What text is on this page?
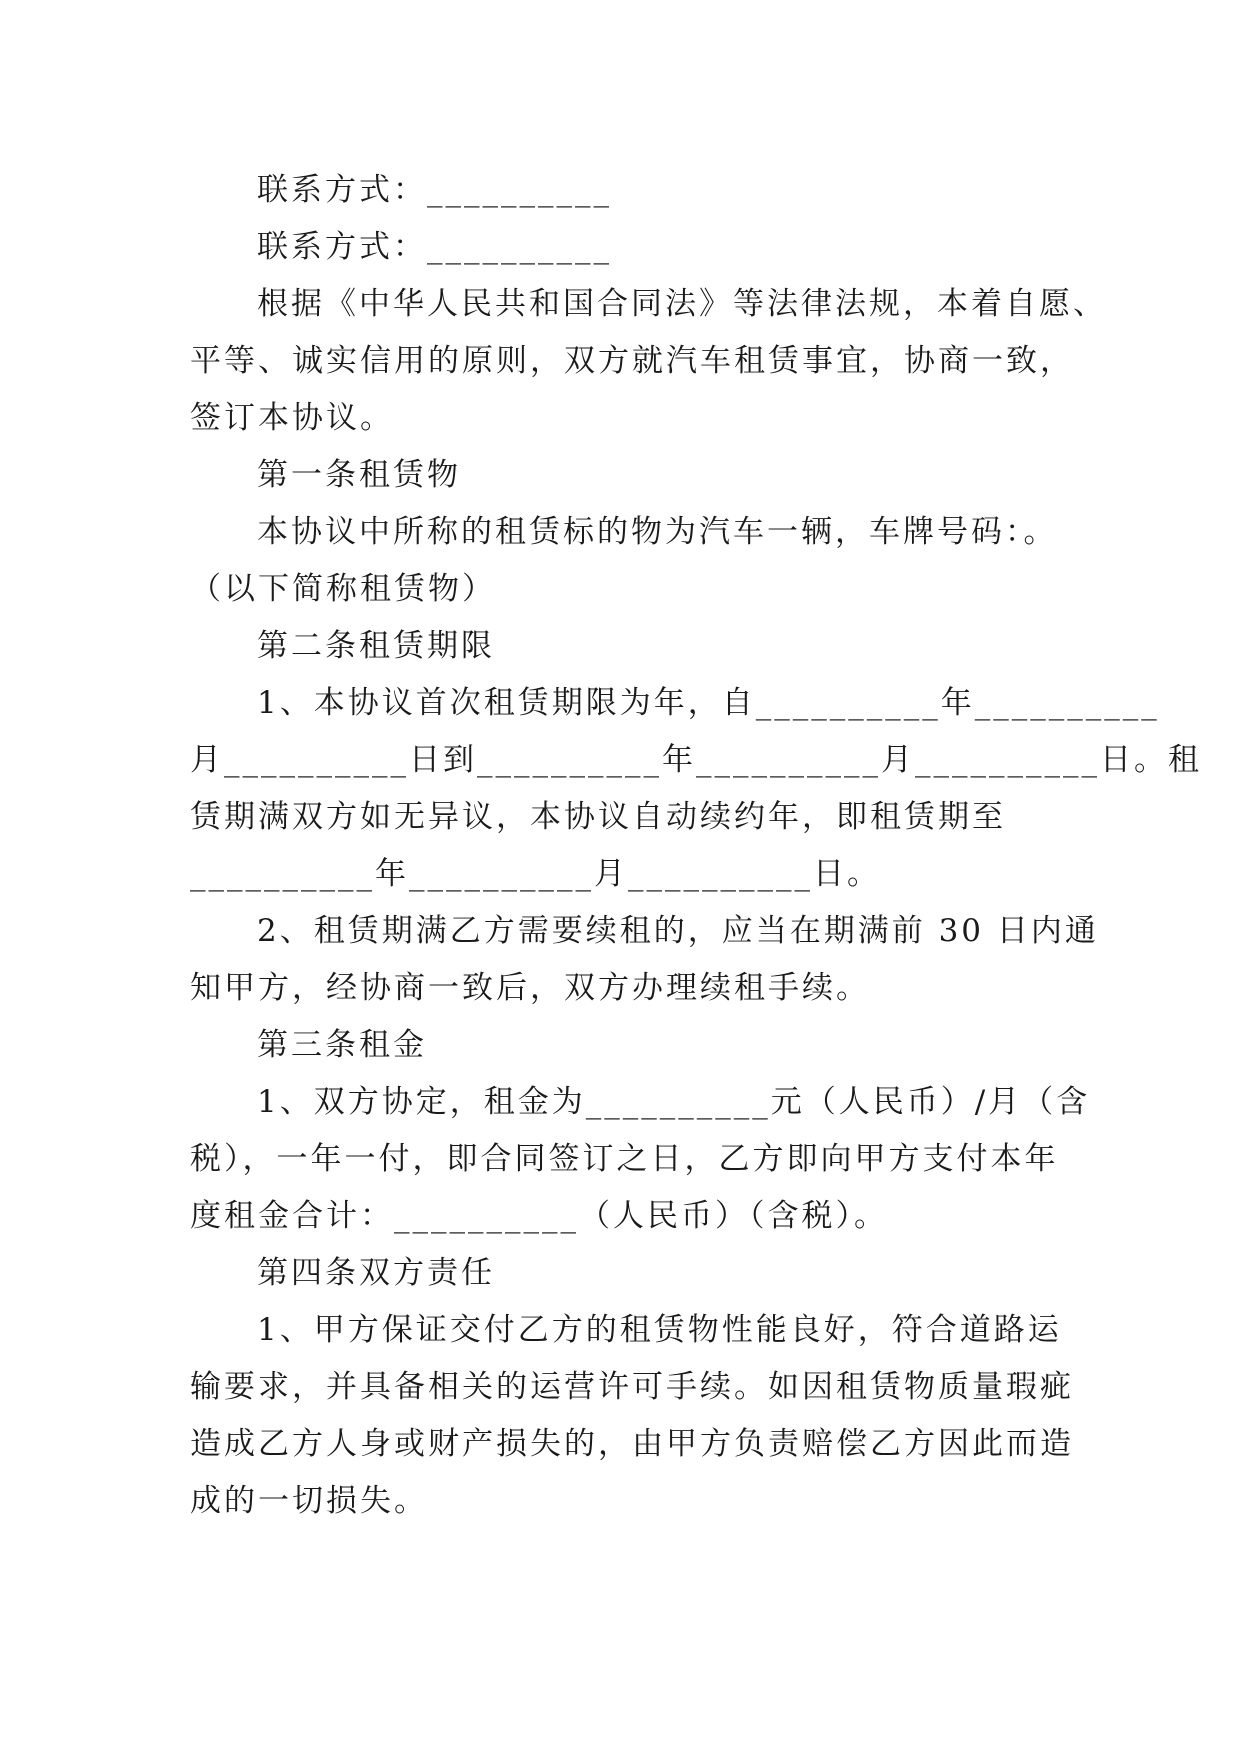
联系方式：__________
联系方式：__________
根据《中华人民共和国合同法》等法律法规，本着自愿、
平等、诚实信用的原则，双方就汽车租赁事宜，协商一致，
签订本协议。
第一条租赁物
本协议中所称的租赁标的物为汽车一辆，车牌号码：。
（以下简称租赁物）
第二条租赁期限
1、本协议首次租赁期限为年，自__________年__________
月__________日到__________年__________月__________日。租
赁期满双方如无异议，本协议自动续约年，即租赁期至
__________年__________月__________日。
2、租赁期满乙方需要续租的，应当在期满前 30 日内通
知甲方，经协商一致后，双方办理续租手续。
第三条租金
1、双方协定，租金为__________元（人民币）/月（含
税），一年一付，即合同签订之日，乙方即向甲方支付本年
度租金合计：__________（人民币）（含税）。
第四条双方责任
1、甲方保证交付乙方的租赁物性能良好，符合道路运
输要求，并具备相关的运营许可手续。如因租赁物质量瑕疵
造成乙方人身或财产损失的，由甲方负责赔偿乙方因此而造
成的一切损失。
